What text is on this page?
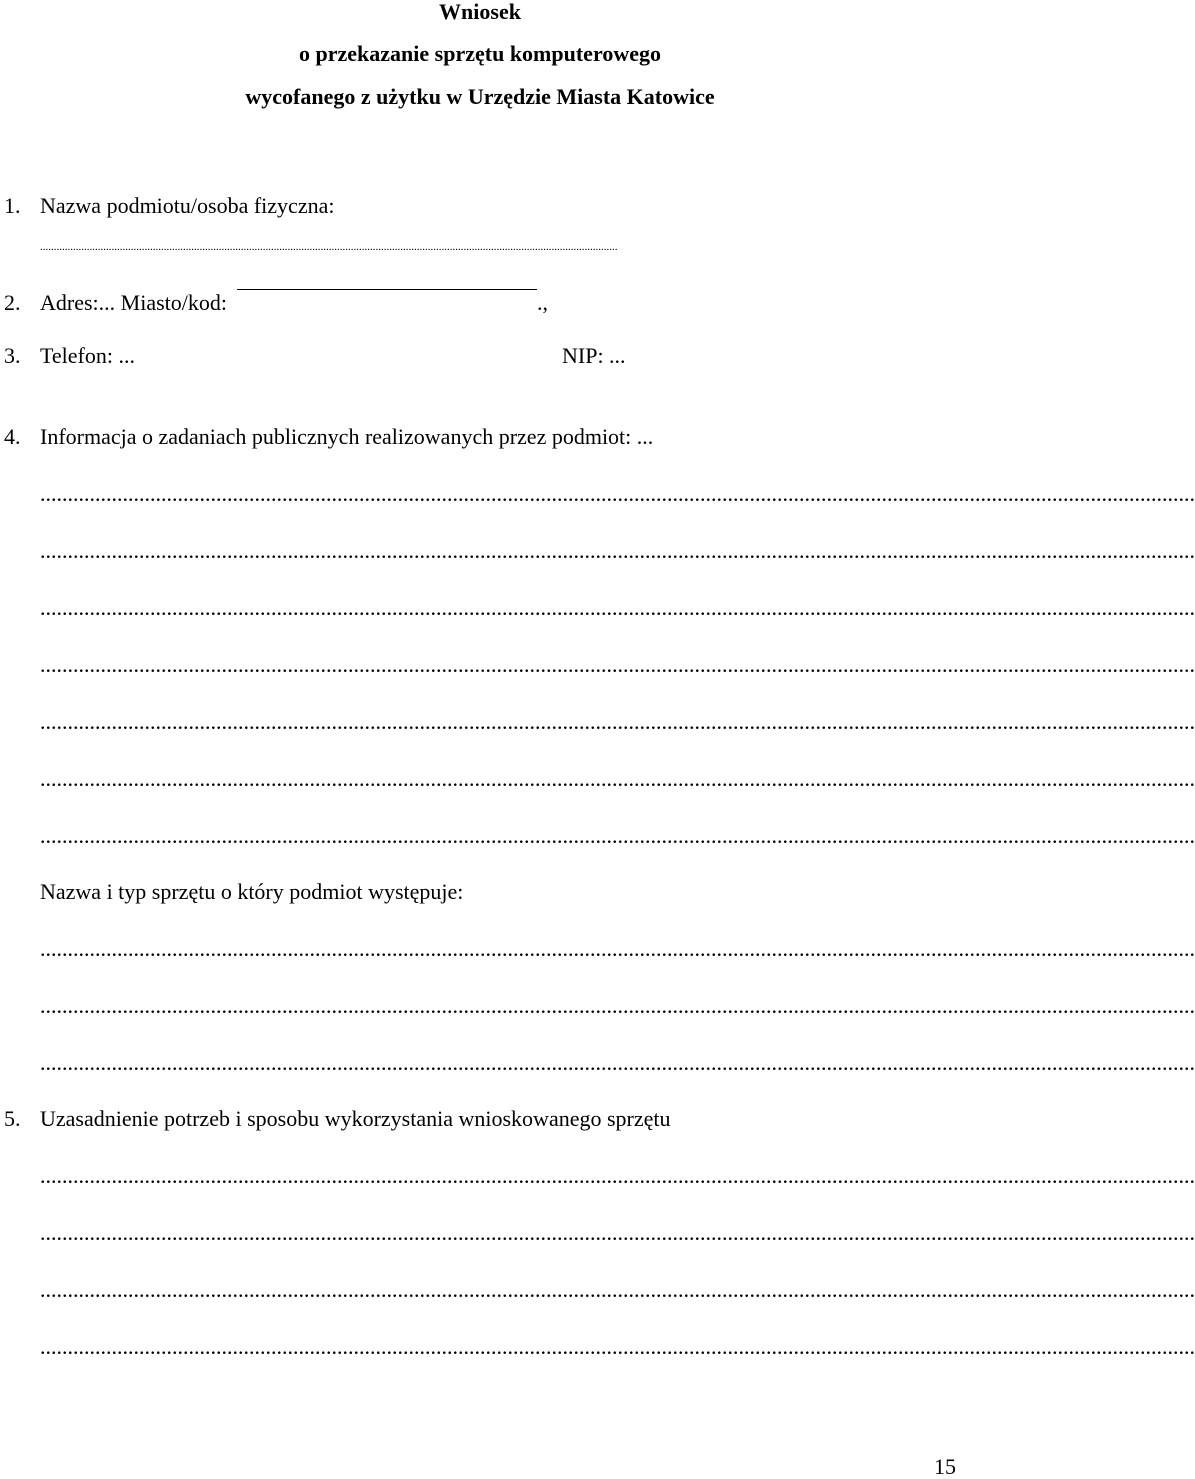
Wniosek
o przekazanie sprzętu komputerowego
wycofanego z użytku w Urzędzie Miasta Katowice
1. Nazwa podmiotu/osoba fizyczna:
..................................................................................................................................................................................................................
2. Adres:... Miasto/kod:	.,
3. Telefon: ...	NIP: ...
4. Informacja o zadaniach publicznych realizowanych przez podmiot: ...
..................................................................................................................................................................................................................
..................................................................................................................................................................................................................
..................................................................................................................................................................................................................
..................................................................................................................................................................................................................
..................................................................................................................................................................................................................
..................................................................................................................................................................................................................
..................................................................................................................................................................................................................
Nazwa i typ sprzętu o który podmiot występuje:
..................................................................................................................................................................................................................
..................................................................................................................................................................................................................
..................................................................................................................................................................................................................
5. Uzasadnienie potrzeb i sposobu wykorzystania wnioskowanego sprzętu
..................................................................................................................................................................................................................
..................................................................................................................................................................................................................
..................................................................................................................................................................................................................
..................................................................................................................................................................................................................
15
